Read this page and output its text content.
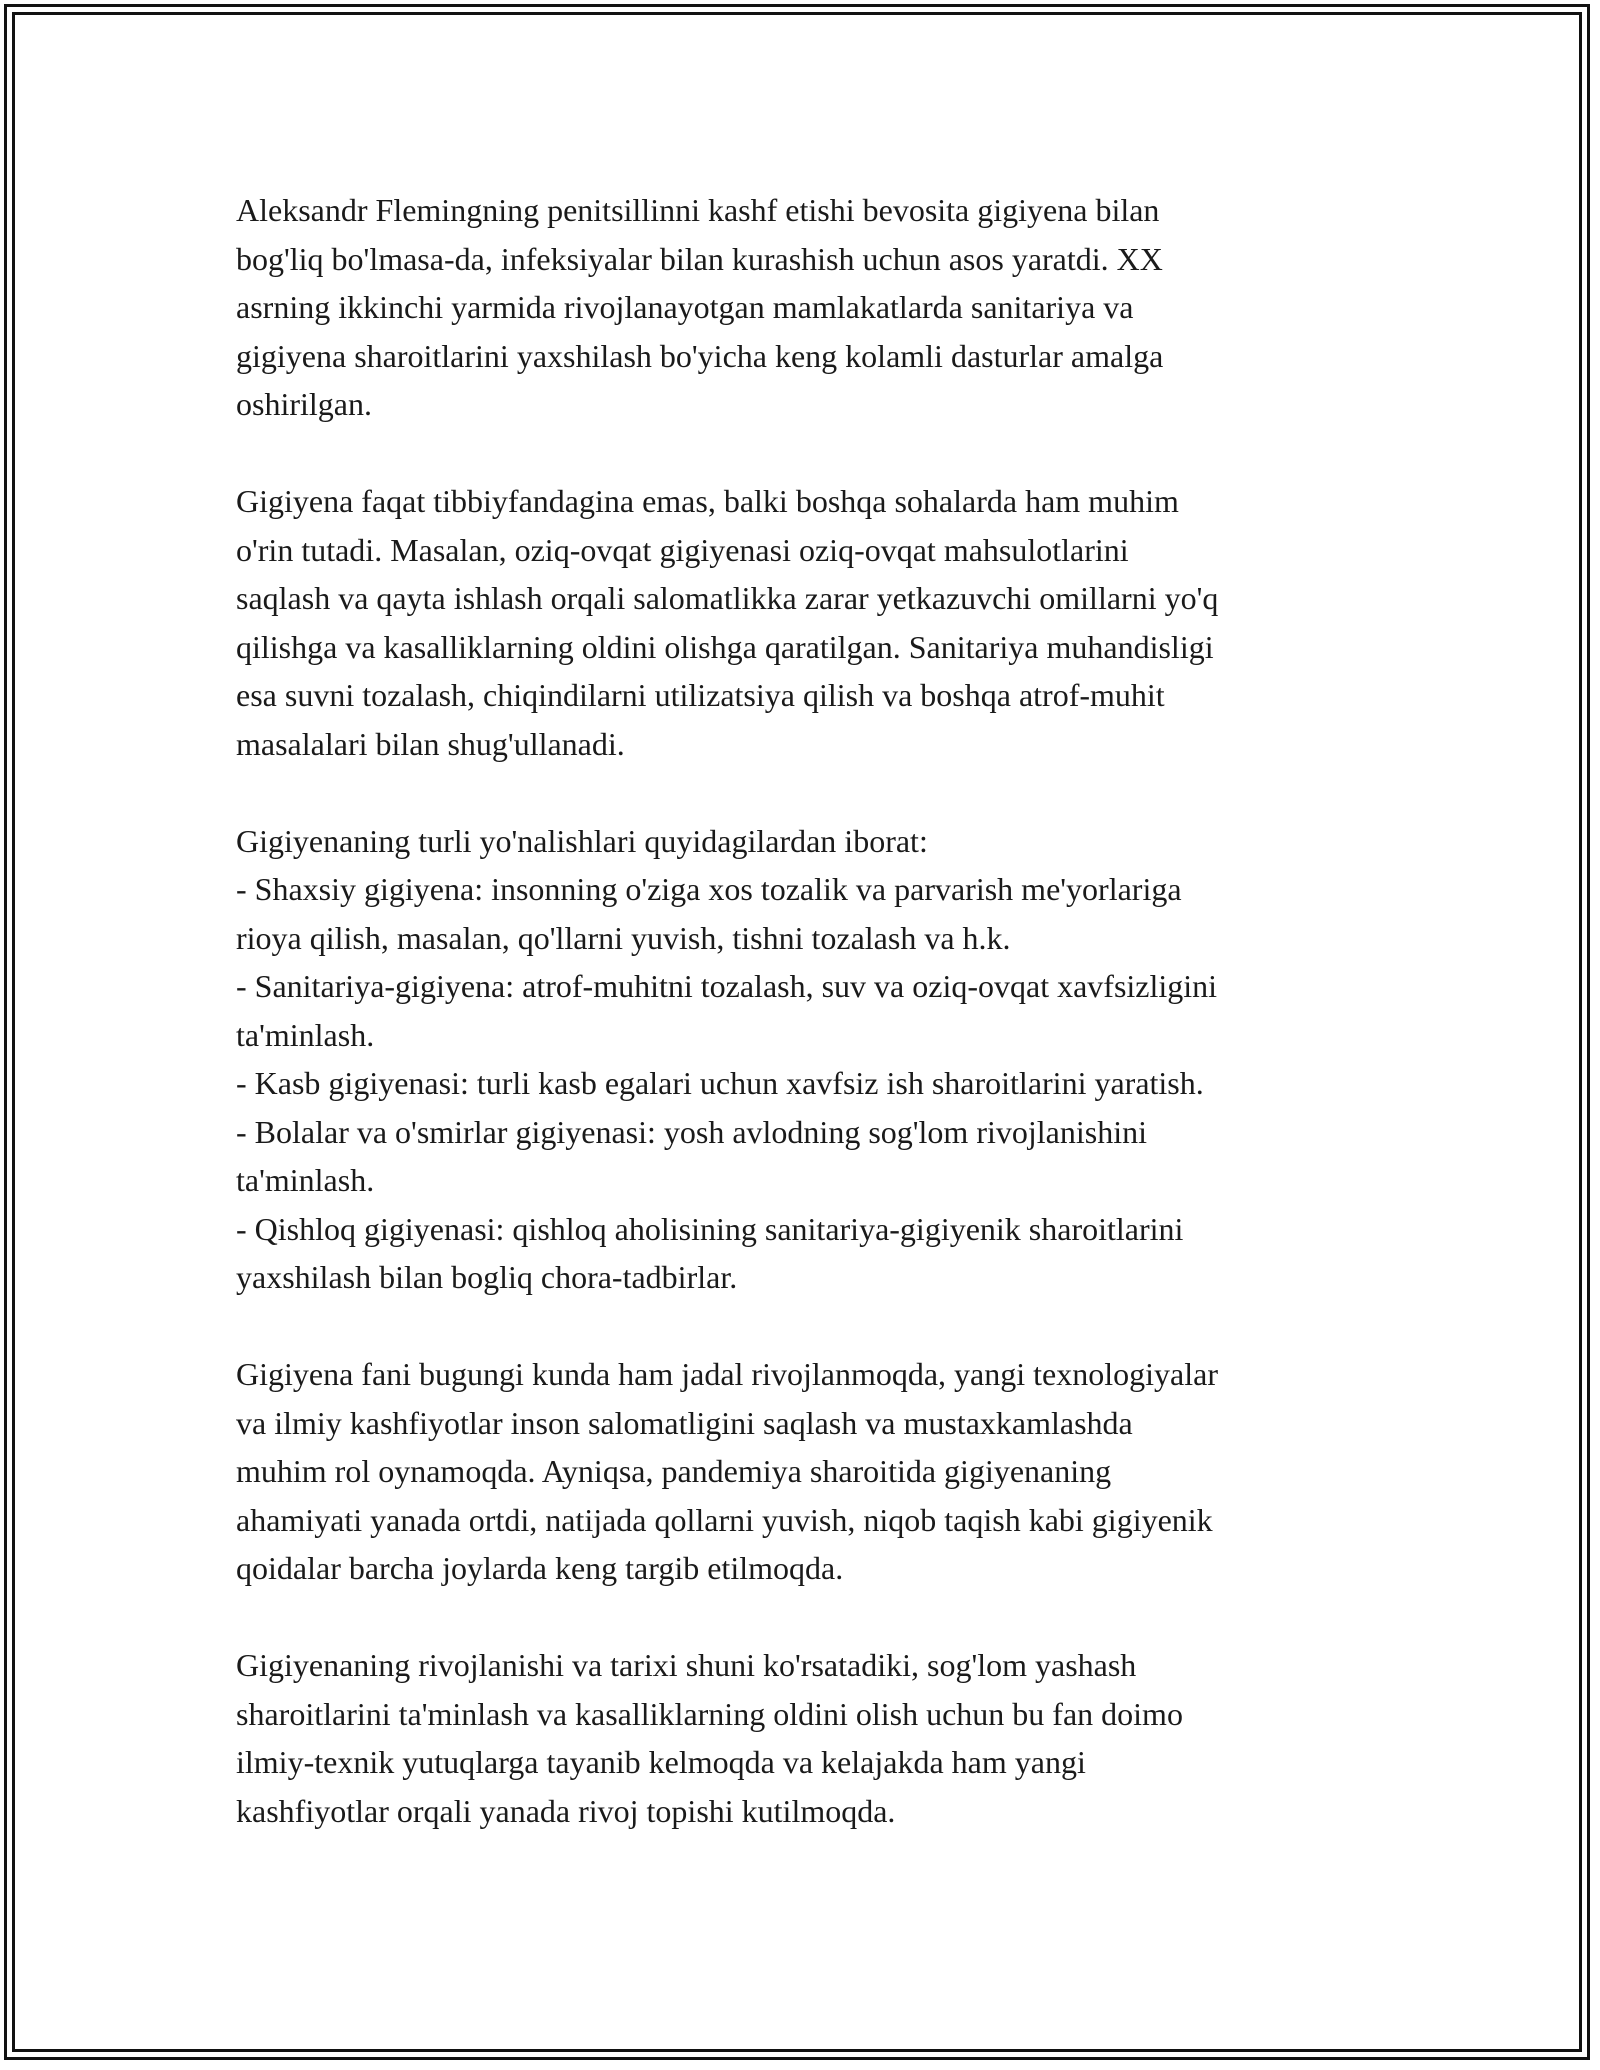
Aleksandr Flemingning penitsillinni kashf etishi bevosita gigiyena bilan
bog'liq bo'lmasa-da, infeksiyalar bilan kurashish uchun asos yaratdi. XX
asrning ikkinchi yarmida rivojlanayotgan mamlakatlarda sanitariya va
gigiyena sharoitlarini yaxshilash bo'yicha keng kolamli dasturlar amalga
oshirilgan.

Gigiyena faqat tibbiyfandagina emas, balki boshqa sohalarda ham muhim
o'rin tutadi. Masalan, oziq-ovqat gigiyenasi oziq-ovqat mahsulotlarini
saqlash va qayta ishlash orqali salomatlikka zarar yetkazuvchi omillarni yo'q
qilishga va kasalliklarning oldini olishga qaratilgan. Sanitariya muhandisligi
esa suvni tozalash, chiqindilarni utilizatsiya qilish va boshqa atrof-muhit
masalalari bilan shug'ullanadi.

Gigiyenaning turli yo'nalishlari quyidagilardan iborat:
- Shaxsiy gigiyena: insonning o'ziga xos tozalik va parvarish me'yorlariga
rioya qilish, masalan, qo'llarni yuvish, tishni tozalash va h.k.
- Sanitariya-gigiyena: atrof-muhitni tozalash, suv va oziq-ovqat xavfsizligini
ta'minlash.
- Kasb gigiyenasi: turli kasb egalari uchun xavfsiz ish sharoitlarini yaratish.
- Bolalar va o'smirlar gigiyenasi: yosh avlodning sog'lom rivojlanishini
ta'minlash.
- Qishloq gigiyenasi: qishloq aholisining sanitariya-gigiyenik sharoitlarini
yaxshilash bilan bogliq chora-tadbirlar.

Gigiyena fani bugungi kunda ham jadal rivojlanmoqda, yangi texnologiyalar
va ilmiy kashfiyotlar inson salomatligini saqlash va mustaxkamlashda
muhim rol oynamoqda. Ayniqsa, pandemiya sharoitida gigiyenaning
ahamiyati yanada ortdi, natijada qollarni yuvish, niqob taqish kabi gigiyenik
qoidalar barcha joylarda keng targib etilmoqda.

Gigiyenaning rivojlanishi va tarixi shuni ko'rsatadiki, sog'lom yashash
sharoitlarini ta'minlash va kasalliklarning oldini olish uchun bu fan doimo
ilmiy-texnik yutuqlarga tayanib kelmoqda va kelajakda ham yangi
kashfiyotlar orqali yanada rivoj topishi kutilmoqda.
